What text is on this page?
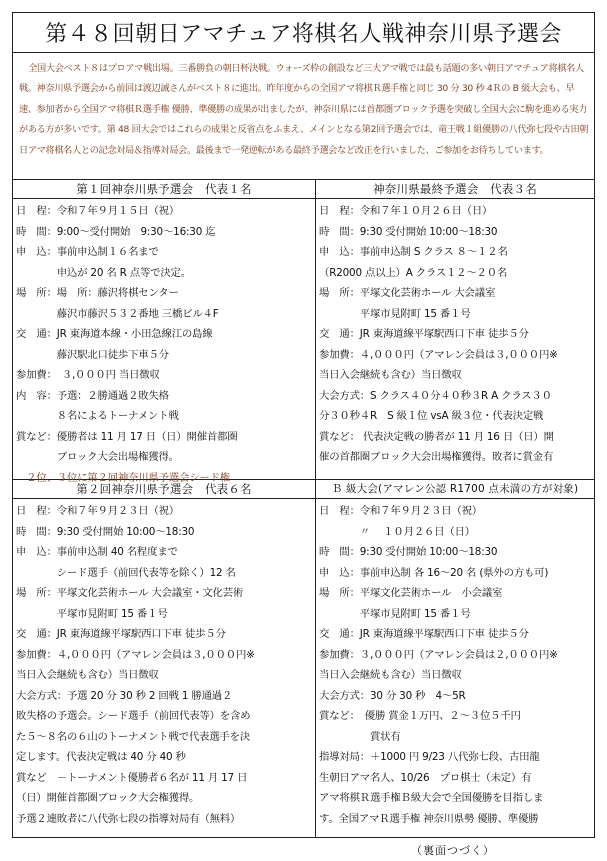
第４８回朝日アマチュア将棋名人戦神奈川県予選会

全国大会ベスト８はプロアマ戦出場。三番勝負の朝日杯決戦。ウォーズ枠の創設など三大アマ戦では最も話題の多い朝日アマチュア将棋名人戦。神奈川県予選会から前回は渡辺誠さんがベスト８に進出。昨年度からの全国アマ将棋Ｒ選手権と同じ 30 分 30 秒 4Ｒの B 級大会も、早速、参加者から全国アマ将棋Ｒ選手権 優勝、準優勝の成果が出ましたが、神奈川県には首都圏ブロック予選を突破し全国大会に駒を進める実力がある方が多いです。第 48 回大会ではこれらの成果と反省点をふまえ、メインとなる第2回予選会では、竜王戦１組優勝の八代弥七段や古田朝日アマ将棋名人との記念対局＆指導対局会。最後まで一発逆転がある最終予選会など改正を行いました、ご参加をお待ちしています。

第１回神奈川県予選会　代表１名
日　程：令和７年９月１５日（祝）
時　間：9:00～受付開始　9:30～16:30 迄
申　込：事前申込制１６名まで
　　　　申込が 20 名 R 点等で決定。
場　所：場　所：藤沢将棋センター
　　　　藤沢市藤沢５３２番地 三橋ビル４F
交　通：JR 東海道本線・小田急線江の島線
　　　　藤沢駅北口徒歩下車５分
参加費：　３,０００円 当日徴収
内　容：予選：２勝通過２敗失格
　　　　８名によるトーナメント戦
賞など：優勝者は 11 月 17 日（日）開催首都圏
　　　　ブロック大会出場権獲得。
　２位、３位に第２回神奈川県予選会シード権
神奈川県最終予選会　代表３名
日　程：令和７年１０月２６日（日）
時　間：9:30 受付開始 10:00～18:30
申　込：事前申込制 S クラス ８～１２名
（R2000 点以上）A クラス１２～２０名
場　所：平塚文化芸術ホール 大会議室
　　　　平塚市見附町 15 番１号
交　通：JR 東海道線平塚駅西口下車 徒歩５分
参加費：４,０００円（アマレン会員は３,０００円※
当日入会継続も含む）当日徴収
大会方式：S クラス４０分４０秒３R A クラス３０
分３０秒４R　S 級１位 vsA 級３位・代表決定戦
賞など： 代表決定戦の勝者が 11 月 16 日（日）開
催の首都圏ブロック大会出場権獲得。敗者に賞金有
第２回神奈川県予選会　代表６名
日　程：令和７年９月２３日（祝）
時　間：9:30 受付開始 10:00～18:30
申　込：事前申込制 40 名程度まで
　　　　シード選手（前回代表等を除く）12 名
場　所：平塚文化芸術ホール 大会議室・文化芸術
　　　　平塚市見附町 15 番１号
交　通：JR 東海道線平塚駅西口下車 徒歩５分
参加費：４,０００円（アマレン会員は３,０００円※
当日入会継続も含む）当日徴収
大会方式：予選 20 分 30 秒 2 回戦 1 勝通過２
敗失格の予選会。シード選手（前回代表等）を含め
た５～８名の６山のトーナメント戦で代表選手を決
定します。代表決定戦は 40 分 40 秒
賞など　－トーナメント優勝者６名が 11 月 17 日
（日）開催首都圏ブロック大会権獲得。
予選２連敗者に八代弥七段の指導対局有（無料）
Ｂ 級大会(アマレン公認 R1700 点未満の方が対象)
日　程：令和７年９月２３日（祝）
　　　　〃　 １０月２６日（日）
時　間：9:30 受付開始 10:00～18:30
申　込：事前申込制 各 16～20 名 (県外の方も可)
場　所：平塚文化芸術ホール　小会議室
　　　　平塚市見附町 15 番１号
交　通：JR 東海道線平塚駅西口下車 徒歩５分
参加費：３,０００円（アマレン会員は２,０００円※
当日入会継続も含む）当日徴収
大会方式：30 分 30 秒　4～5R
賞など：　優勝 賞金１万円、２～３位５千円
　　　　　賞状有
指導対局：＋1000 円 9/23 八代弥七段、古田龍
生朝日アマ名人、10/26　プロ棋士（未定）有
アマ将棋Ｒ選手権Ｂ級大会で全国優勝を目指しま
す。全国アマＲ選手権 神奈川県勢 優勝、準優勝
（裏面つづく）
